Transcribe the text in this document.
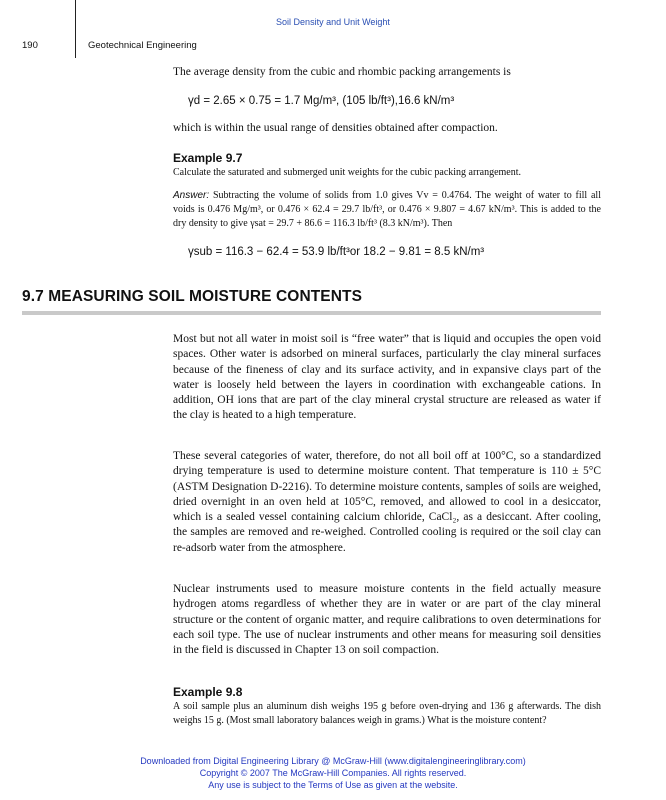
Soil Density and Unit Weight
190	Geotechnical Engineering

The average density from the cubic and rhombic packing arrangements is

γd = 2.65 × 0.75 = 1.7 Mg/m³, (105 lb/ft³),16.6 kN/m³

which is within the usual range of densities obtained after compaction.

Example 9.7

Calculate the saturated and submerged unit weights for the cubic packing arrangement.

Answer: Subtracting the volume of solids from 1.0 gives Vv = 0.4764. The weight of water to fill all voids is 0.476 Mg/m³, or 0.476 × 62.4 = 29.7 lb/ft³, or 0.476 × 9.807 = 4.67 kN/m³. This is added to the dry density to give γsat = 29.7 + 86.6 = 116.3 lb/ft³ (8.3 kN/m³). Then

γsub = 116.3 − 62.4 = 53.9 lb/ft³or 18.2 − 9.81 = 8.5 kN/m³
9.7 MEASURING SOIL MOISTURE CONTENTS

Most but not all water in moist soil is “free water” that is liquid and occupies the open void spaces. Other water is adsorbed on mineral surfaces, particularly the clay mineral surfaces because of the fineness of clay and its surface activity, and in expansive clays part of the water is loosely held between the layers in coordination with exchangeable cations. In addition, OH ions that are part of the clay mineral crystal structure are released as water if the clay is heated to a high temperature.

These several categories of water, therefore, do not all boil off at 100°C, so a standardized drying temperature is used to determine moisture content. That temperature is 110 ± 5°C (ASTM Designation D-2216). To determine moisture contents, samples of soils are weighed, dried overnight in an oven held at 105°C, removed, and allowed to cool in a desiccator, which is a sealed vessel containing calcium chloride, CaCl₂, as a desiccant. After cooling, the samples are removed and re-weighed. Controlled cooling is required or the soil clay can re-adsorb water from the atmosphere.

Nuclear instruments used to measure moisture contents in the field actually measure hydrogen atoms regardless of whether they are in water or are part of the clay mineral structure or the content of organic matter, and require calibrations to oven determinations for each soil type. The use of nuclear instruments and other means for measuring soil densities in the field is discussed in Chapter 13 on soil compaction.

Example 9.8

A soil sample plus an aluminum dish weighs 195 g before oven-drying and 136 g afterwards. The dish weighs 15 g. (Most small laboratory balances weigh in grams.) What is the moisture content?

Downloaded from Digital Engineering Library @ McGraw-Hill (www.digitalengineeringlibrary.com)
Copyright © 2007 The McGraw-Hill Companies. All rights reserved.
Any use is subject to the Terms of Use as given at the website.
